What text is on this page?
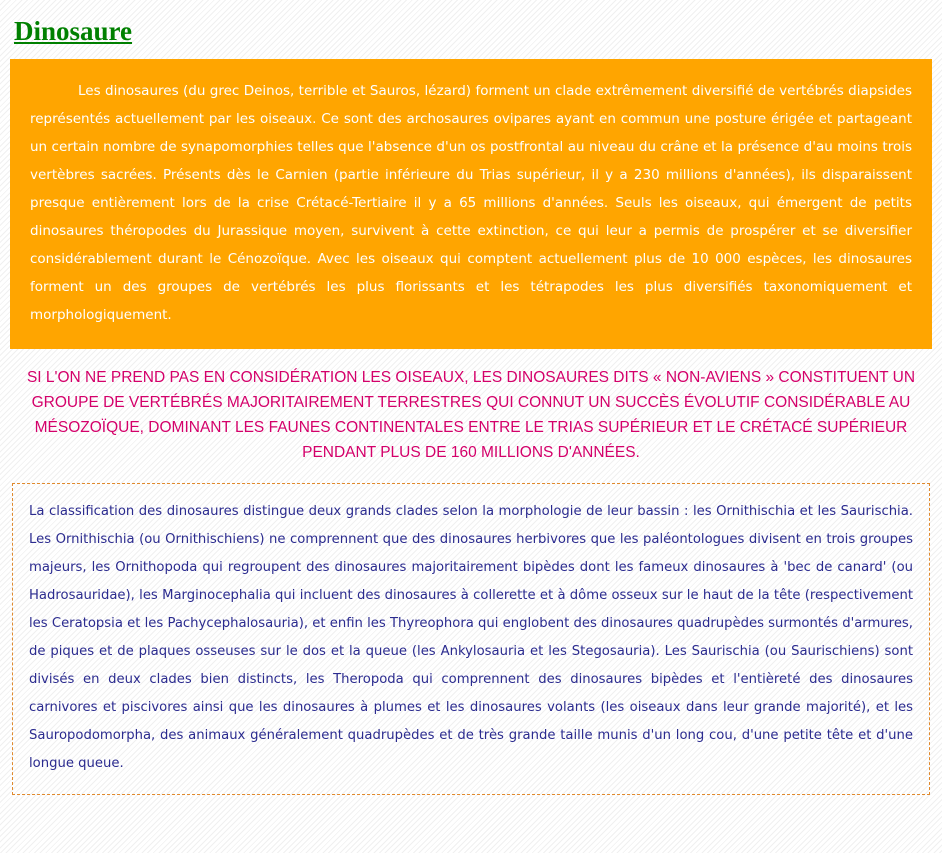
Dinosaure
Les dinosaures (du grec Deinos, terrible et Sauros, lézard) forment un clade extrêmement diversifié de vertébrés diapsides représentés actuellement par les oiseaux. Ce sont des archosaures ovipares ayant en commun une posture érigée et partageant un certain nombre de synapomorphies telles que l'absence d'un os postfrontal au niveau du crâne et la présence d'au moins trois vertèbres sacrées. Présents dès le Carnien (partie inférieure du Trias supérieur, il y a 230 millions d'années), ils disparaissent presque entièrement lors de la crise Crétacé-Tertiaire il y a 65 millions d'années. Seuls les oiseaux, qui émergent de petits dinosaures théropodes du Jurassique moyen, survivent à cette extinction, ce qui leur a permis de prospérer et se diversifier considérablement durant le Cénozoïque. Avec les oiseaux qui comptent actuellement plus de 10 000 espèces, les dinosaures forment un des groupes de vertébrés les plus florissants et les tétrapodes les plus diversifiés taxonomiquement et morphologiquement.
SI L'ON NE PREND PAS EN CONSIDÉRATION LES OISEAUX, LES DINOSAURES DITS « NON-AVIENS » CONSTITUENT UN GROUPE DE VERTÉBRÉS MAJORITAIREMENT TERRESTRES QUI CONNUT UN SUCCÈS ÉVOLUTIF CONSIDÉRABLE AU MÉSOZOÏQUE, DOMINANT LES FAUNES CONTINENTALES ENTRE LE TRIAS SUPÉRIEUR ET LE CRÉTACÉ SUPÉRIEUR PENDANT PLUS DE 160 MILLIONS D'ANNÉES.
La classification des dinosaures distingue deux grands clades selon la morphologie de leur bassin : les Ornithischia et les Saurischia. Les Ornithischia (ou Ornithischiens) ne comprennent que des dinosaures herbivores que les paléontologues divisent en trois groupes majeurs, les Ornithopoda qui regroupent des dinosaures majoritairement bipèdes dont les fameux dinosaures à 'bec de canard' (ou Hadrosauridae), les Marginocephalia qui incluent des dinosaures à collerette et à dôme osseux sur le haut de la tête (respectivement les Ceratopsia et les Pachycephalosauria), et enfin les Thyreophora qui englobent des dinosaures quadrupèdes surmontés d'armures, de piques et de plaques osseuses sur le dos et la queue (les Ankylosauria et les Stegosauria). Les Saurischia (ou Saurischiens) sont divisés en deux clades bien distincts, les Theropoda qui comprennent des dinosaures bipèdes et l'entièreté des dinosaures carnivores et piscivores ainsi que les dinosaures à plumes et les dinosaures volants (les oiseaux dans leur grande majorité), et les Sauropodomorpha, des animaux généralement quadrupèdes et de très grande taille munis d'un long cou, d'une petite tête et d'une longue queue.
